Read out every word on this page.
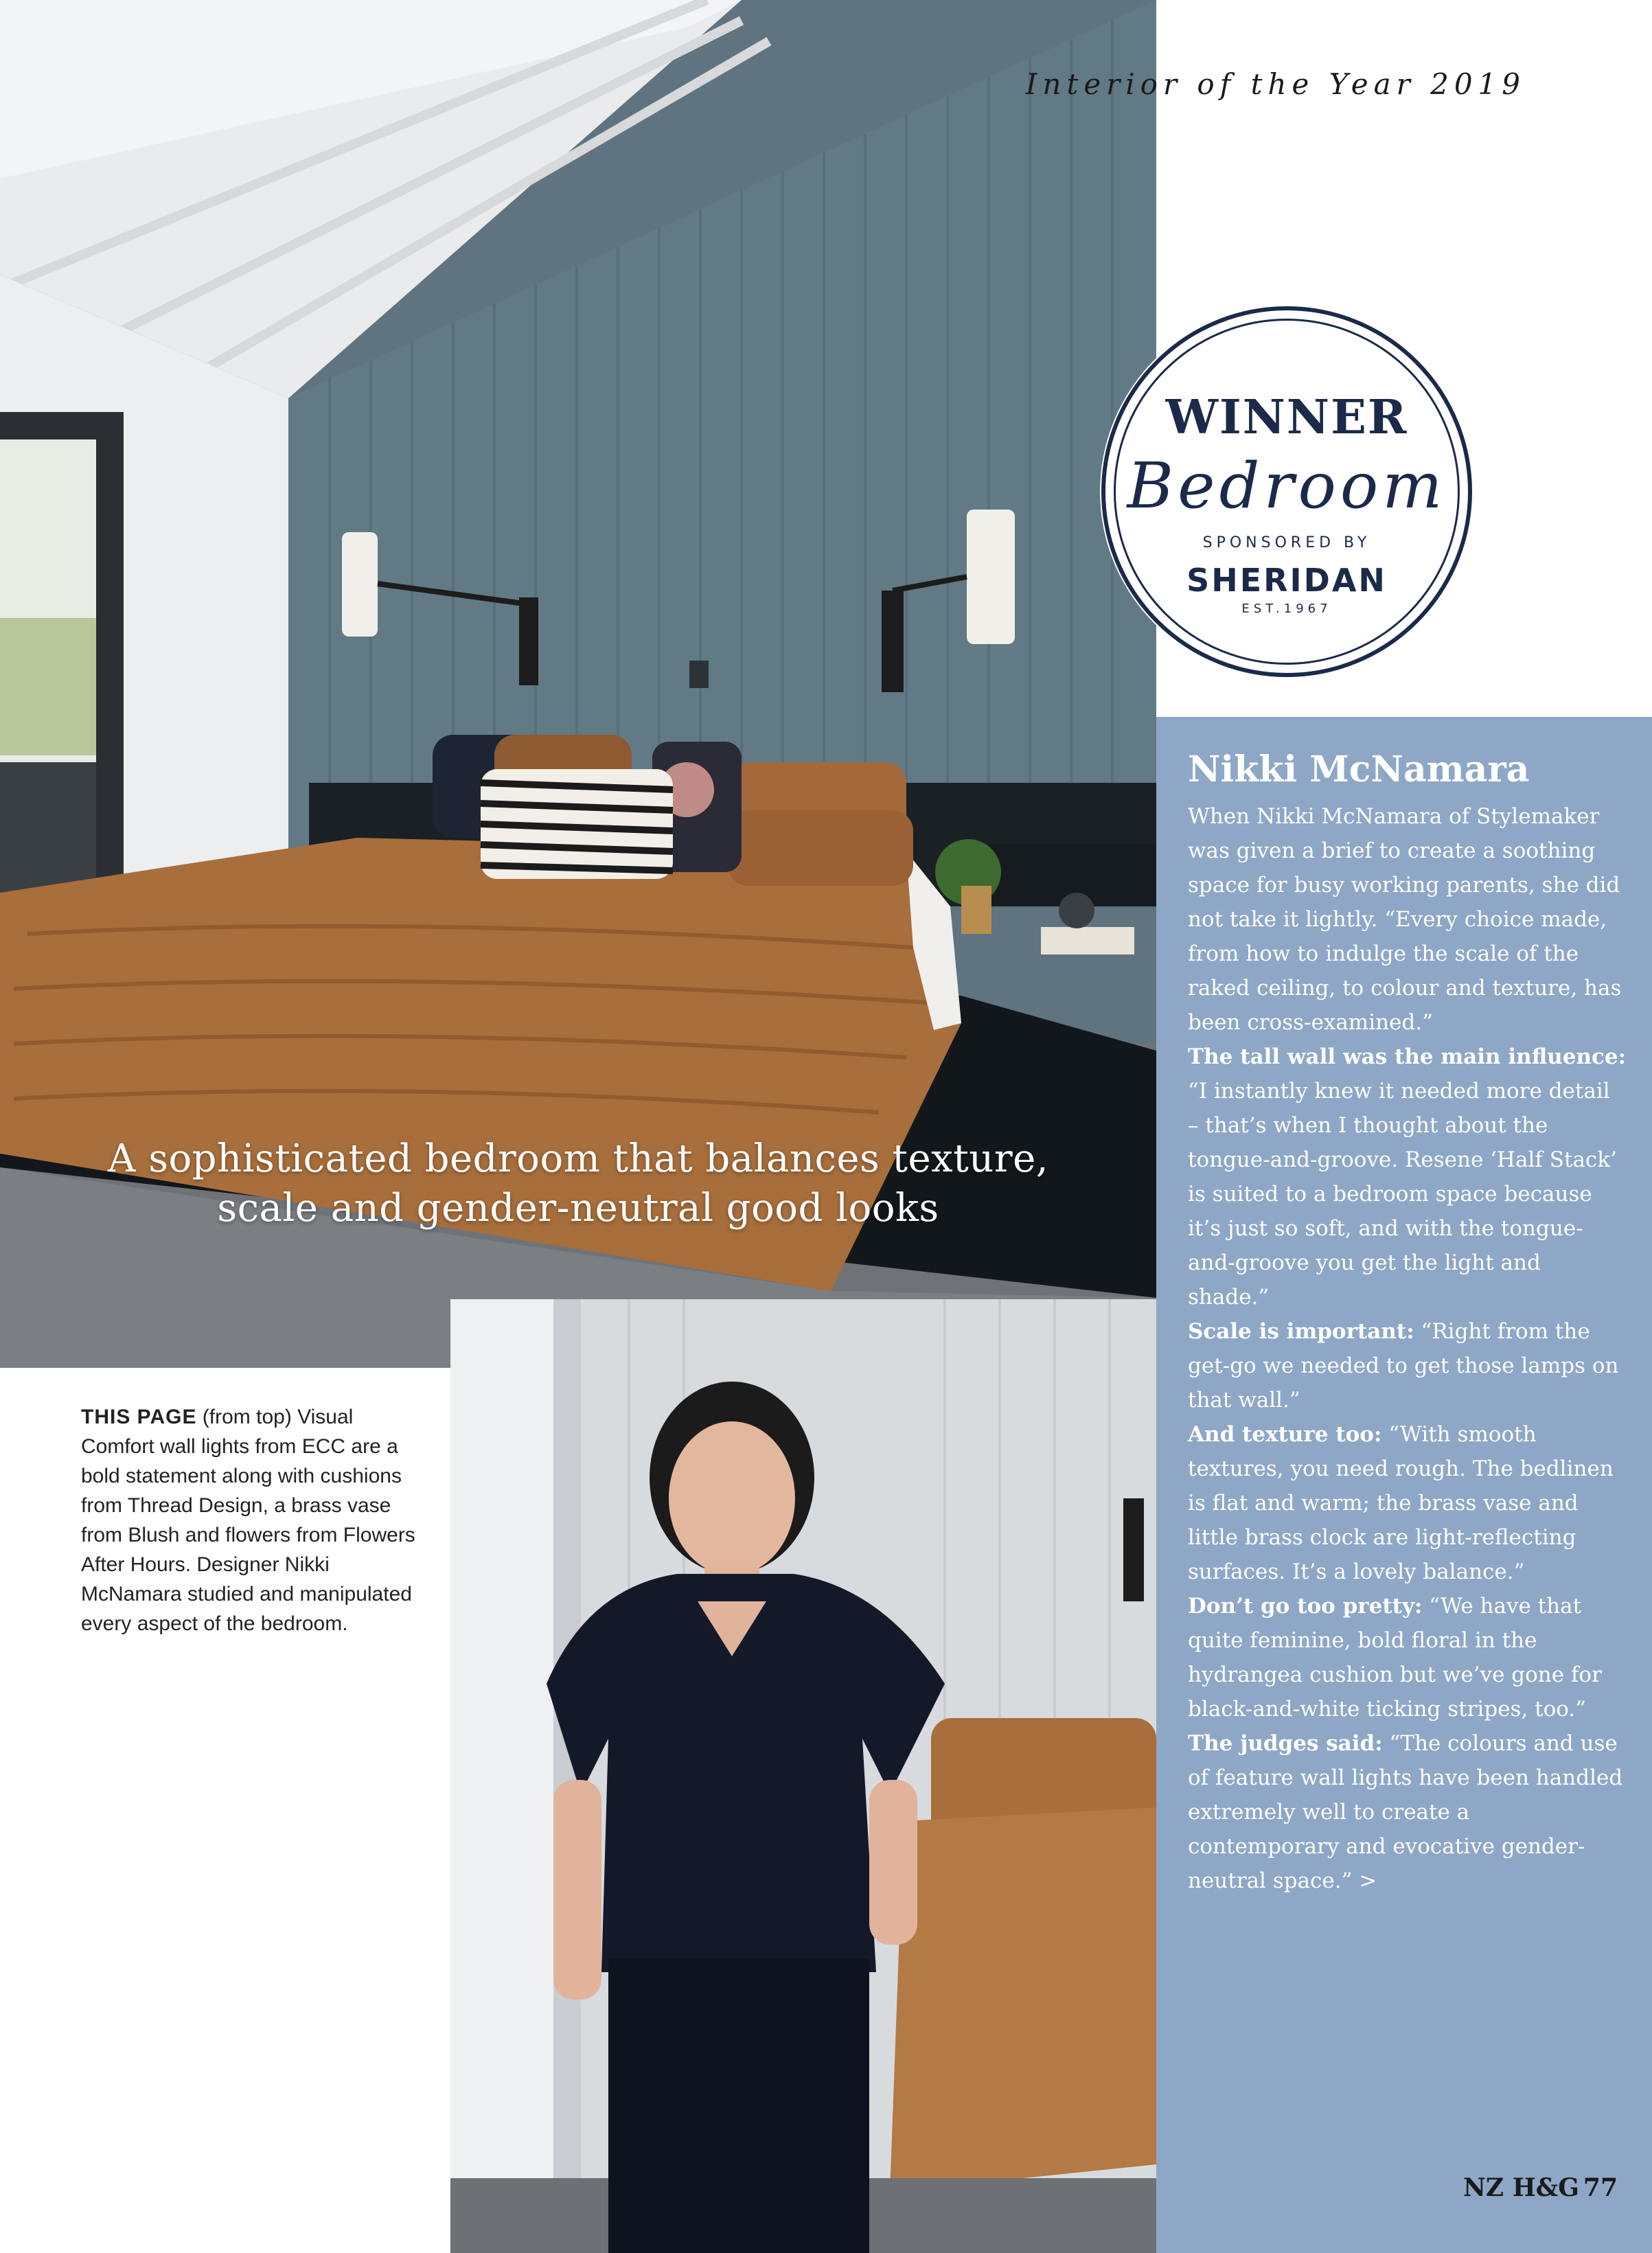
A sophisticated bedroom that balances texture,
scale and gender-neutral good looks
Interior of the Year 2019
WINNER
Bedroom
SPONSORED BY
SHERIDAN
EST.1967
THIS PAGE (from top) Visual Comfort wall lights from ECC are a bold statement along with cushions from Thread Design, a brass vase from Blush and flowers from Flowers After Hours. Designer Nikki McNamara studied and manipulated every aspect of the bedroom.
Nikki McNamara

When Nikki McNamara of Stylemaker was given a brief to create a soothing space for busy working parents, she did not take it lightly. “Every choice made, from how to indulge the scale of the raked ceiling, to colour and texture, has been cross-examined.”

The tall wall was the main influence: “I instantly knew it needed more detail – that’s when I thought about the tongue-and-groove. Resene ‘Half Stack’ is suited to a bedroom space because it’s just so soft, and with the tongue-and-groove you get the light and shade.”

Scale is important: “Right from the get-go we needed to get those lamps on that wall.”

And texture too: “With smooth textures, you need rough. The bedlinen is flat and warm; the brass vase and little brass clock are light-reflecting surfaces. It’s a lovely balance.”

Don’t go too pretty: “We have that quite feminine, bold floral in the hydrangea cushion but we’ve gone for black-and-white ticking stripes, too.”

The judges said: “The colours and use of feature wall lights have been handled extremely well to create a contemporary and evocative gender-neutral space.” >

NZ H&G 77
